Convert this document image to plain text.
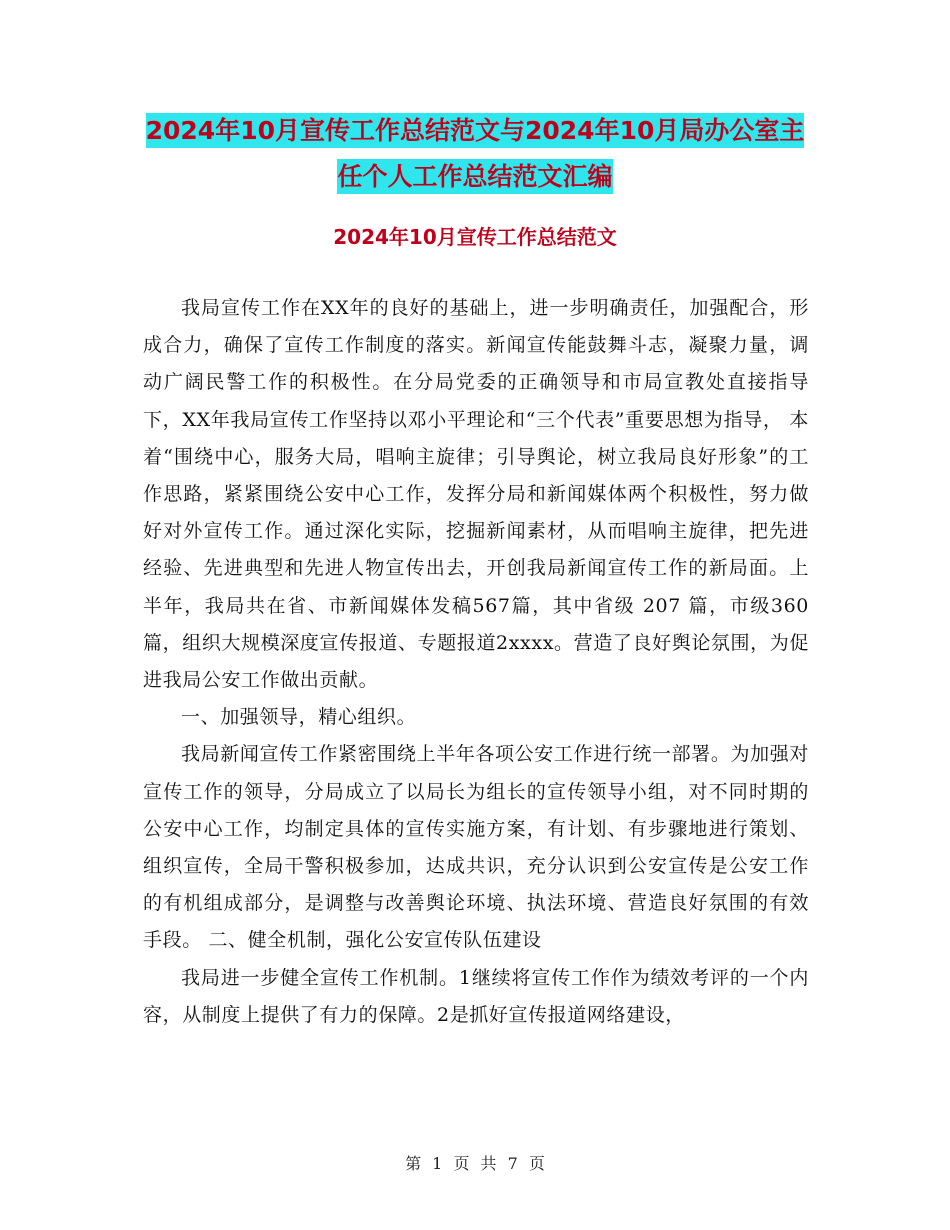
2024年10月宣传工作总结范文与2024年10月局办公室主任个人工作总结范文汇编
2024年10月宣传工作总结范文

我局宣传工作在XX年的良好的基础上，进一步明确责任，加强配合，形成合力，确保了宣传工作制度的落实。新闻宣传能鼓舞斗志，凝聚力量，调动广阔民警工作的积极性。在分局党委的正确领导和市局宣教处直接指导下，XX年我局宣传工作坚持以邓小平理论和“三个代表”重要思想为指导， 本着“围绕中心，服务大局，唱响主旋律；引导舆论，树立我局良好形象”的工作思路，紧紧围绕公安中心工作，发挥分局和新闻媒体两个积极性，努力做好对外宣传工作。通过深化实际，挖掘新闻素材，从而唱响主旋律，把先进经验、先进典型和先进人物宣传出去，开创我局新闻宣传工作的新局面。上半年，我局共在省、市新闻媒体发稿567篇，其中省级 207 篇，市级360篇，组织大规模深度宣传报道、专题报道2xxxx。营造了良好舆论氛围，为促进我局公安工作做出贡献。

一、加强领导，精心组织。

我局新闻宣传工作紧密围绕上半年各项公安工作进行统一部署。为加强对宣传工作的领导，分局成立了以局长为组长的宣传领导小组，对不同时期的公安中心工作，均制定具体的宣传实施方案，有计划、有步骤地进行策划、组织宣传，全局干警积极参加，达成共识，充分认识到公安宣传是公安工作的有机组成部分，是调整与改善舆论环境、执法环境、营造良好氛围的有效手段。 二、健全机制，强化公安宣传队伍建设

我局进一步健全宣传工作机制。1继续将宣传工作作为绩效考评的一个内容，从制度上提供了有力的保障。2是抓好宣传报道网络建设，

第 1 页 共 7 页
